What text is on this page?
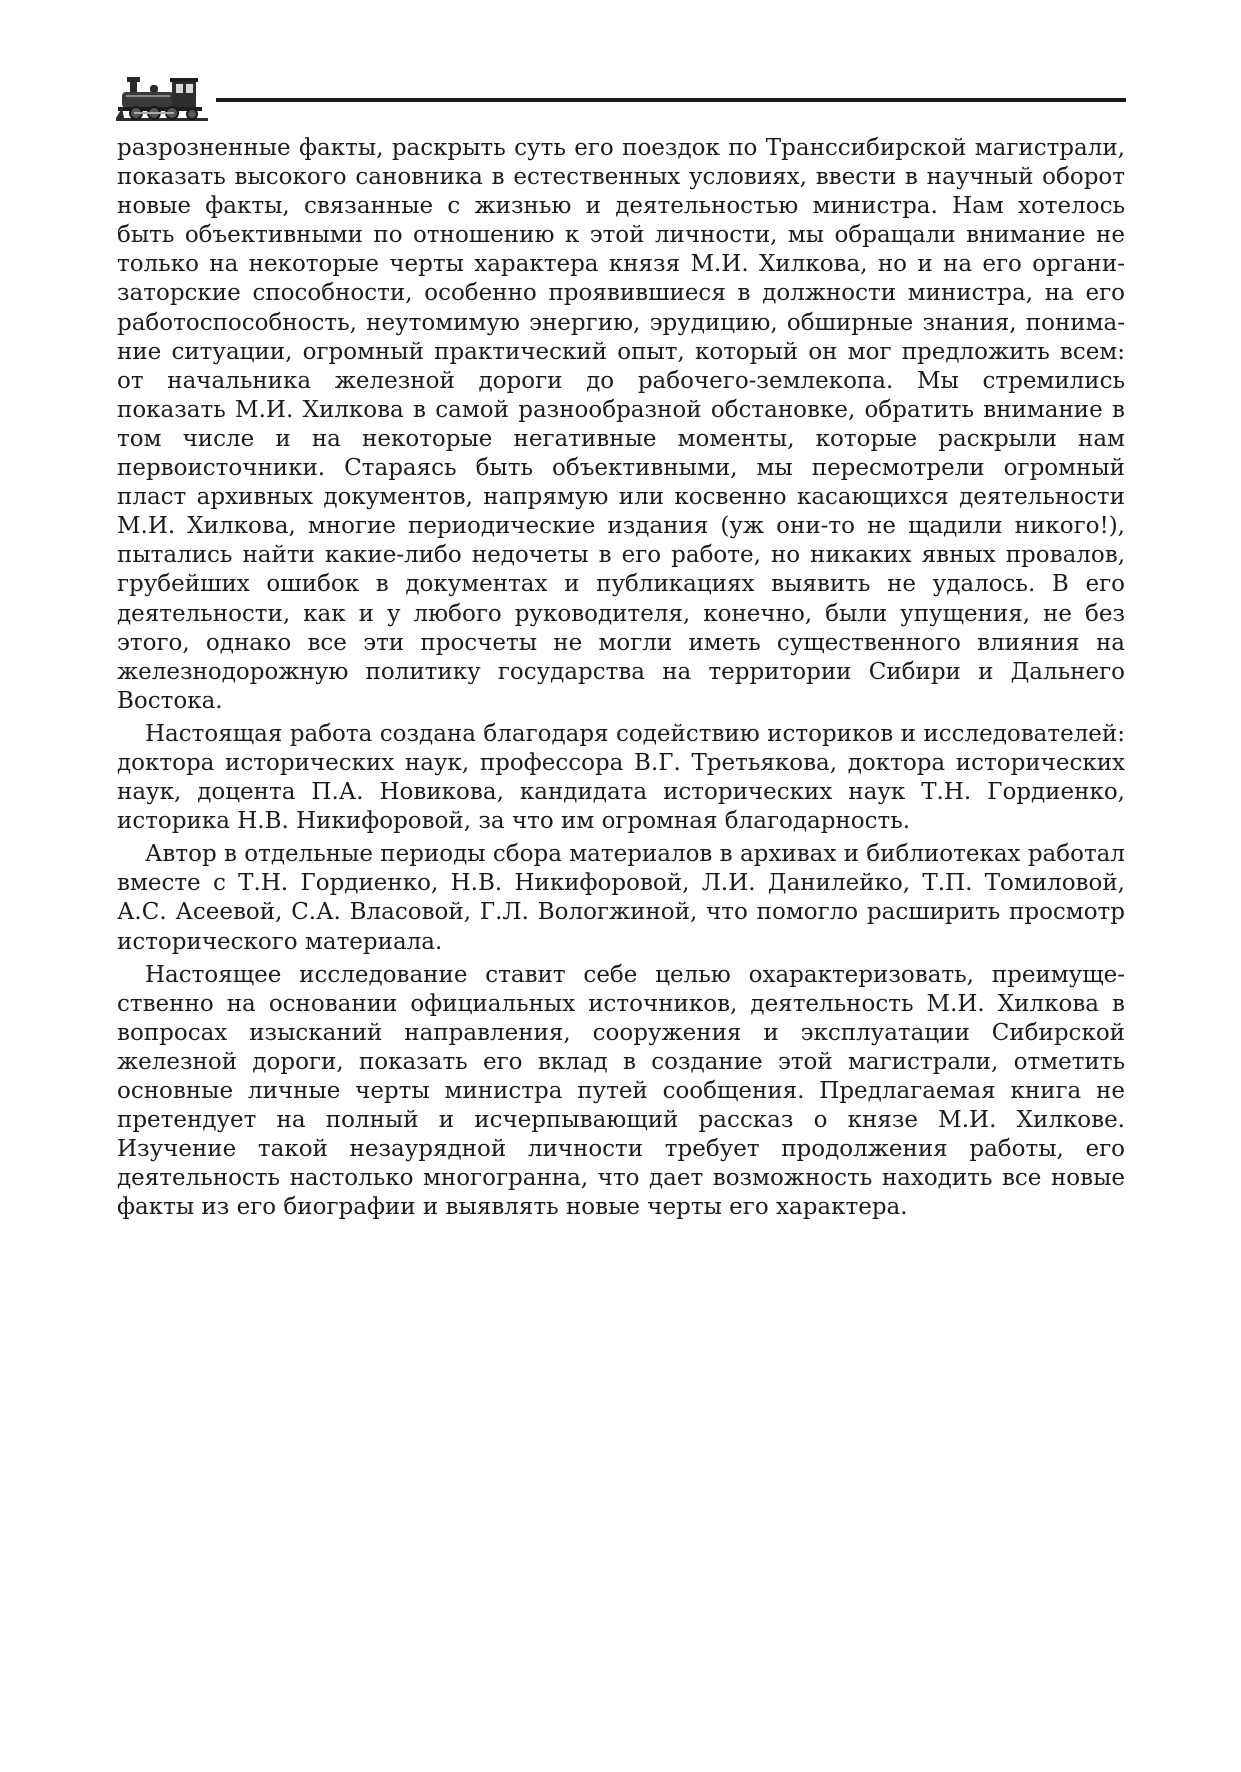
разрозненные факты, раскрыть суть его поездок по Транссибирской магистрали, показать высокого сановника в естественных условиях, ввести в научный оборот новые факты, связанные с жизнью и деятельностью министра. Нам хотелось быть объективными по отношению к этой личности, мы обращали внимание не только на некоторые черты характера князя М.И. Хилкова, но и на его организаторские способности, особенно проявившиеся в должности министра, на его работоспособность, неутомимую энергию, эрудицию, обширные знания, понимание ситуации, огромный практический опыт, который он мог предложить всем: от начальника железной дороги до рабочего-землекопа. Мы стремились показать М.И. Хилкова в самой разнообразной обстановке, обратить внимание в том числе и на некоторые негативные моменты, которые раскрыли нам первоисточники. Стараясь быть объективными, мы пересмотрели огромный пласт архивных документов, напрямую или косвенно касающихся деятельности М.И. Хилкова, многие периодические издания (уж они-то не щадили никого!), пытались найти какие-либо недочеты в его работе, но никаких явных провалов, грубейших ошибок в документах и публикациях выявить не удалось. В его деятельности, как и у любого руководителя, конечно, были упущения, не без этого, однако все эти просчеты не могли иметь существенного влияния на железнодорожную политику государства на территории Сибири и Дальнего Востока.

Настоящая работа создана благодаря содействию историков и исследователей: доктора исторических наук, профессора В.Г. Третьякова, доктора исторических наук, доцента П.А. Новикова, кандидата исторических наук Т.Н. Гордиенко, историка Н.В. Никифоровой, за что им огромная благодарность.

Автор в отдельные периоды сбора материалов в архивах и библиотеках работал вместе с Т.Н. Гордиенко, Н.В. Никифоровой, Л.И. Данилейко, Т.П. Томиловой, А.С. Асеевой, С.А. Власовой, Г.Л. Вологжиной, что помогло расширить просмотр исторического материала.

Настоящее исследование ставит себе целью охарактеризовать, преимущественно на основании официальных источников, деятельность М.И. Хилкова в вопросах изысканий направления, сооружения и эксплуатации Сибирской железной дороги, показать его вклад в создание этой магистрали, отметить основные личные черты министра путей сообщения. Предлагаемая книга не претендует на полный и исчерпывающий рассказ о князе М.И. Хилкове. Изучение такой незаурядной личности требует продолжения работы, его деятельность настолько многогранна, что дает возможность находить все новые факты из его биографии и выявлять новые черты его характера.
